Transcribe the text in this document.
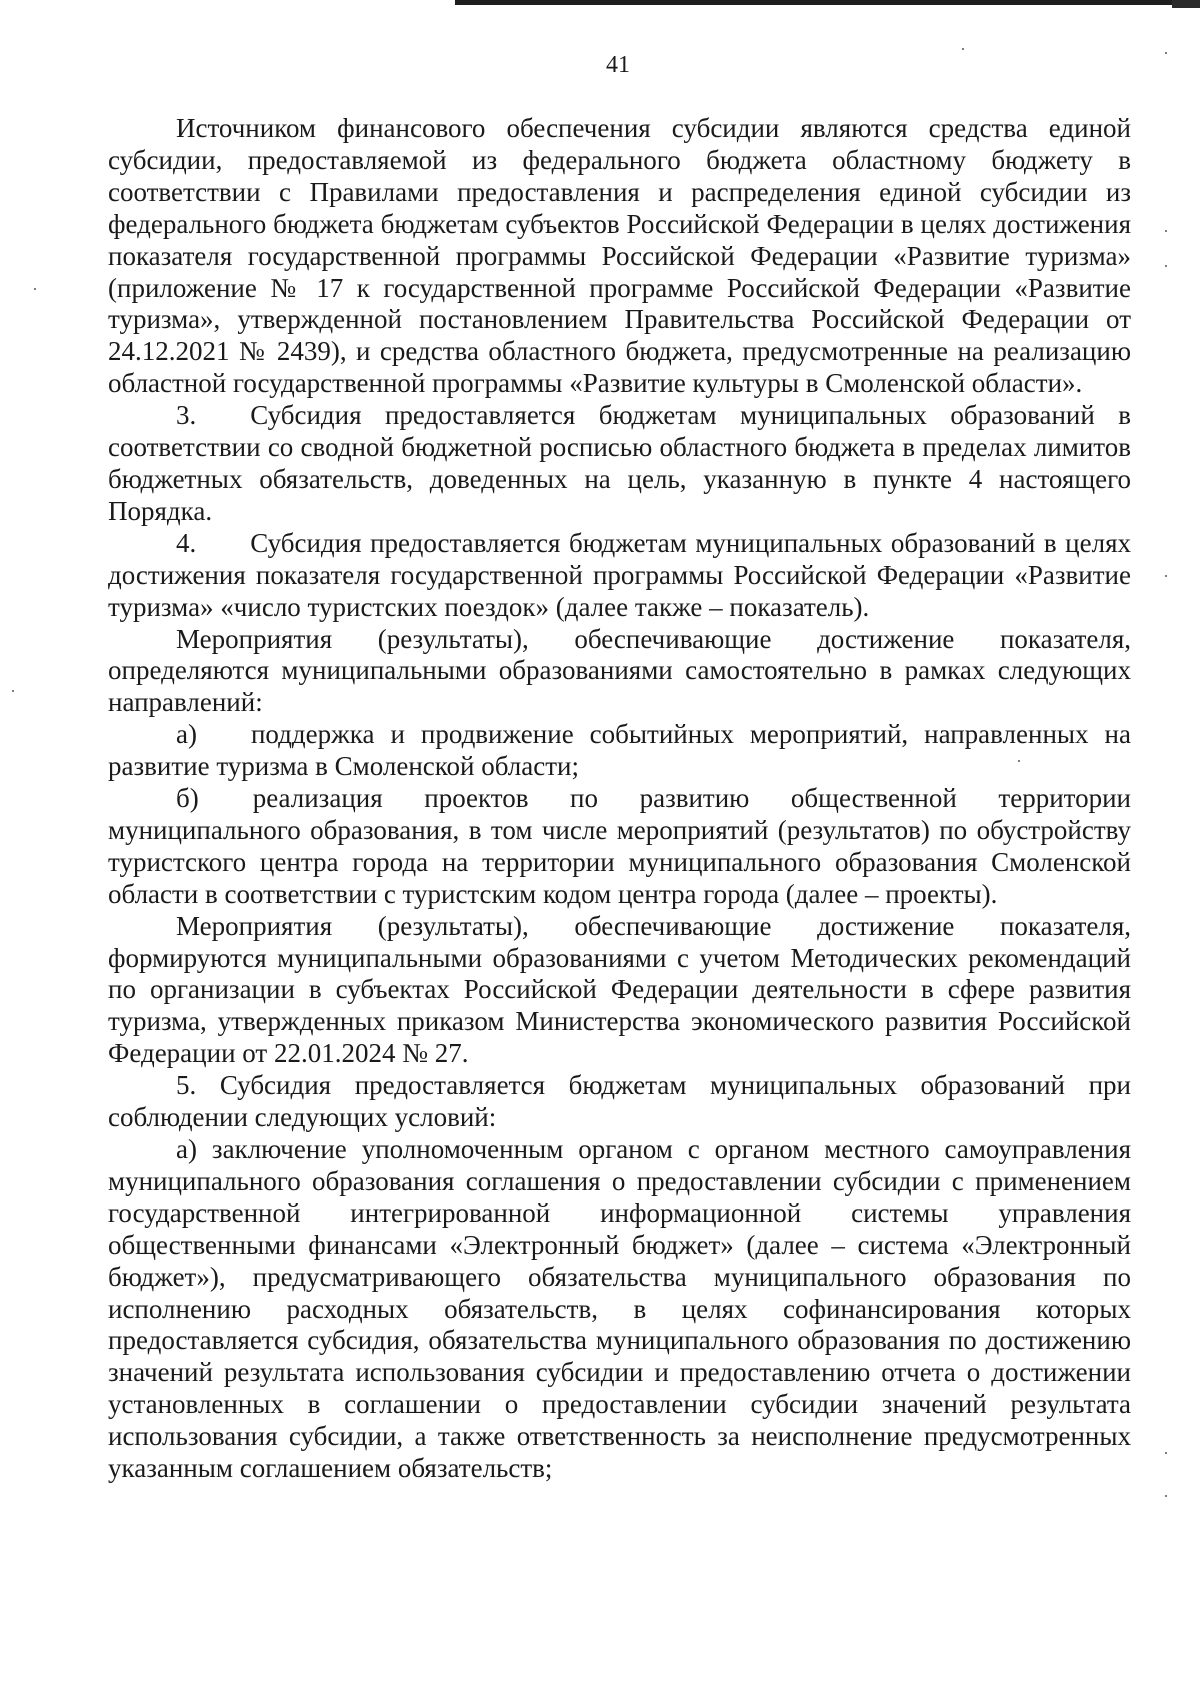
41

Источником финансового обеспечения субсидии являются средства единой субсидии, предоставляемой из федерального бюджета областному бюджету в соответствии с Правилами предоставления и распределения единой субсидии из федерального бюджета бюджетам субъектов Российской Федерации в целях достижения показателя государственной программы Российской Федерации «Развитие туризма» (приложение № 17 к государственной программе Российской Федерации «Развитие туризма», утвержденной постановлением Правительства Российской Федерации от 24.12.2021 № 2439), и средства областного бюджета, предусмотренные на реализацию областной государственной программы «Развитие культуры в Смоленской области».

3.  Субсидия предоставляется бюджетам муниципальных образований в соответствии со сводной бюджетной росписью областного бюджета в пределах лимитов бюджетных обязательств, доведенных на цель, указанную в пункте 4 настоящего Порядка.

4.  Субсидия предоставляется бюджетам муниципальных образований в целях достижения показателя государственной программы Российской Федерации «Развитие туризма» «число туристских поездок» (далее также – показатель).

Мероприятия (результаты), обеспечивающие достижение показателя, определяются муниципальными образованиями самостоятельно в рамках следующих направлений:

а)  поддержка и продвижение событийных мероприятий, направленных на развитие туризма в Смоленской области;

б)  реализация проектов по развитию общественной территории муниципального образования, в том числе мероприятий (результатов) по обустройству туристского центра города на территории муниципального образования Смоленской области в соответствии с туристским кодом центра города (далее – проекты).

Мероприятия (результаты), обеспечивающие достижение показателя, формируются муниципальными образованиями с учетом Методических рекомендаций по организации в субъектах Российской Федерации деятельности в сфере развития туризма, утвержденных приказом Министерства экономического развития Российской Федерации от 22.01.2024 № 27.

5. Субсидия предоставляется бюджетам муниципальных образований при соблюдении следующих условий:

а) заключение уполномоченным органом с органом местного самоуправления муниципального образования соглашения о предоставлении субсидии с применением государственной интегрированной информационной системы управления общественными финансами «Электронный бюджет» (далее – система «Электронный бюджет»), предусматривающего обязательства муниципального образования по исполнению расходных обязательств, в целях софинансирования которых предоставляется субсидия, обязательства муниципального образования по достижению значений результата использования субсидии и предоставлению отчета о достижении установленных в соглашении о предоставлении субсидии значений результата использования субсидии, а также ответственность за неисполнение предусмотренных указанным соглашением обязательств;
